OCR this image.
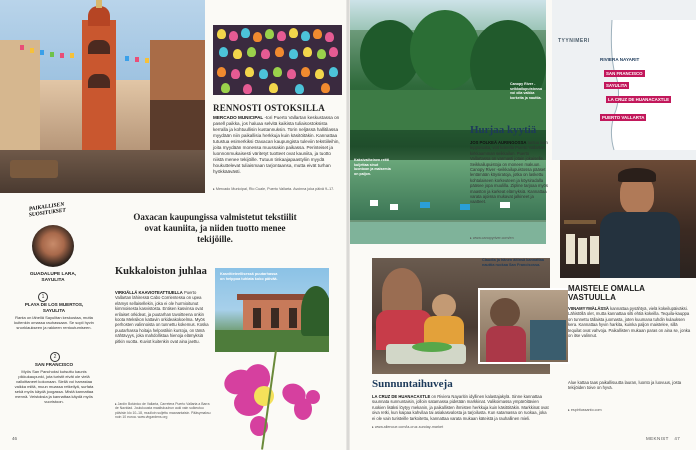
RENNOSTI OSTOKSILLA
MERCADO MUNICIPAL -tori Puerto Vallartan keskustassa on pasell paikka, jos haluaa selvitä kaikista tuliaisostoksista kerralla ja kohtuullisin kustannuksin. Torin neljässä hallitilassa myydään niin paikallisia herkkuja kuin käsitöitäkin. Kannattaa tutustua esimerkiksi Oaxacan kaupungista tuleviin tekstiileihin, joita myydään monessa muussakin paikassa. Perinteiset ja luonnonmukaisesti väritetyt tuotteet ovat kauniita, ja tuotto niistä menee tekijöille. Tutuun tinkaajapaastyliin myydä houkuttelevat tuliaismaan tarjontaansa, mutta eivät turhan hyökkäävästi.
▸ Mercado Municipal, Rio Cuale, Puerto Vallarta. Avoinna joka päivä 9–17.
Oaxacan kaupungissa valmistetut tekstiilit ovat kauniita, ja niiden tuotto menee tekijöille.
PAIKALLISEN SUOSITUKSET
GUADALUPE LARA, SAYULITA
1
PLAYA DE LOS MUERTOS, SAYULITA
Ranta on lähellä Sayulitan keskustaa, mutta kuitenkin omassa rauhassaan. Se sopii hyvin snorklaukseen ja rakkeen rentoutumiseen.
2
SAN FRANCISCO
Myös San Panchoksi kutsuttu kaunis pikkukaupunki, jota turistit eivät ole vielä valloittaneet kokonaan. Siellä voi harrastaa vaikka miitä, muun muassa retkeilyä, surfata sekä myös käydä joogassa. Mistä kannattaa mennä. Veistoksia ja kannattaa käydä myös vuoristoon.
Kukkaloiston juhlaa
VIRKIÄLLÄ KAAVIOTEATTIUELLA Puerto Vallartan lähiressä Cabo Corrientessa on upea elämys sellaisellekin, joka ei ole hurmioitunut kimmoisesta kasvistosta. Entisen kasvinsa ovat erilaiset orkideat, ja puutarhan tavoitteena onkin koota Meksikon kattavin orkideakokoelma. Myös perhosten valinnoista on tunnettu kokemus. Koska puutarhassa hoitaja helpostikin kuntoja, on tämä nähtävyys, joka mahdollistaa hienoja elämyksiä pitkin vuotta. Kuviot kuitenkin ovat aina jaettu.
▸ Jardín Botánico de Vallarta, Carretera Puerto Vallarta a Barra de Navidad. Joulukuusta maaliskuuhun auki vain sulkeutuu päivisin klo 10–18, muulloin suljettu maanantaisin. Pääsymaksu noin 10 euroa. www.vbgardens.org
Kasvitieteellisessä puutarhassa on helppoa tuhlata koko päivää.
46
Canopy River -seikkailupuistossa voi olla vaikka korkeita ja nauttia.
Kaksivaiheinen reitti kuljettaa sinut luontoon ja maisemia on paljon.
TYYNIMERI
RIVIERA NAYARIT
SAN FRANCISCO
SAYULITA
LA CRUZ DE HUANACAXTLE
PUERTO VALLARTA
Hurjaa kyytiä
JOS POLKEÄ AURINGOSSA tuntuu liian leppoisalta, voit kokeilla Puerto Vallartan kirkkaamman seikkailun. Puerto Vallartassa on varmasti jotain jokaiselle. Seikkailupuistoja on moneen makuun. Canopy River -seikkailupuistossa pääset lentämään köysiratoja, jotka on laskettu kohtalaiseen korkeuteen ja köysiradalla pääsee jopa muulilla. Zipline tarjoaa myös maaston ja karkeat elämyksiä. Kannattaa varata ajoissa mukavat jalkineet ja vaatteet.
▸ www.canopyriver.com/en
Claudia ja hänen äitinsä kannattaa nauttia ruokaa San Francisossa.
Sunnuntaihuveja
LA CRUZ DE HUANACAXTLE on Riviera Nayaritin idyllinen kalastajakylä. Sinne kannattaa suunnata sunnuntaisin, jolloin satamassa pidetään markkinat. Valikoimassa ympäröitävien ruokien lisäksi löytyy mekanin, ja paikallisten ihmisten herkkuja kuin käsitöitäkin. Markkinat ovat oiva retki, kun kaipaa kahvilaa tai asiakasvalosta ja tarjoilusta. Kun satamassa on ruokaa, joka ei ole vain turisteille tarkoitettu, kannattaa varata mukaan käteistä ja rauhallinen mieli.
▸ www.allencue.com/la-cruz-sunday-market
MAISTELE OMALLA VASTUULLA
VIINAMYYMÄLÄSSÄ kannattaa pysähtyä, vielä kokeilupäiväksi. Lähistöllä olet, mutta kannattaa silti ehtiä kokeilla. Tequila-kauppa on tunnettu tällaista juomasta, joten kuumana tuhdin kulauksen kera. Kannattaa hyvin harkita, kuinka paljon maistelee, sillä tequilat ovat vahvoja. Paikallisten mukaan paras on aina se, jonka on itse valinnut.
Alue kattaa taas paikallisuutta lauran, luonto ja luovuus, josta tekijöiden toive on hyvä.
▸ espiritussanto.com
MEKNIST 47
